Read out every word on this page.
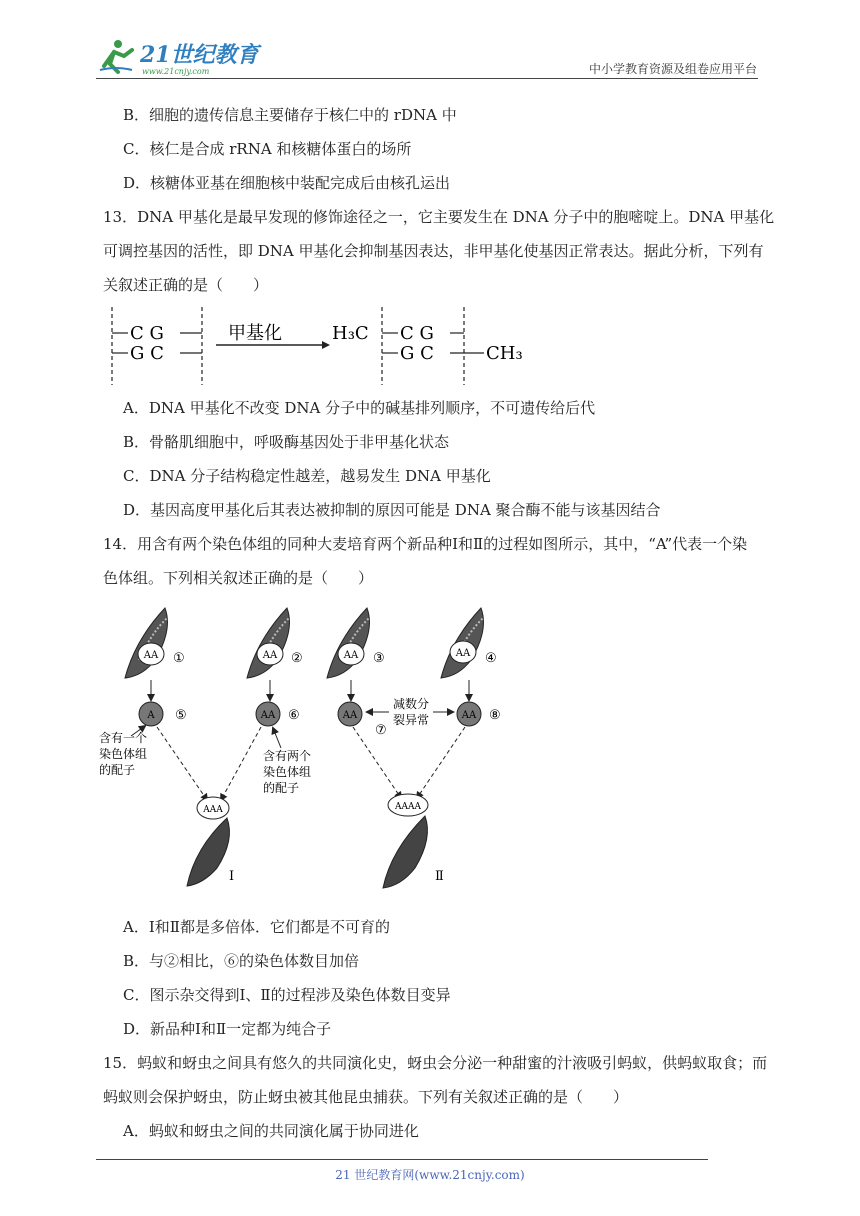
21世纪教育
www.21cnjy.com	中小学教育资源及组卷应用平台
B．细胞的遗传信息主要储存于核仁中的 rDNA 中
C．核仁是合成 rRNA 和核糖体蛋白的场所
D．核糖体亚基在细胞核中装配完成后由核孔运出
13．DNA 甲基化是最早发现的修饰途径之一，它主要发生在 DNA 分子中的胞嘧啶上。DNA 甲基化
可调控基因的活性，即 DNA 甲基化会抑制基因表达，非甲基化使基因正常表达。据此分析，下列有
关叙述正确的是（　　）
C G
G C
甲基化	H₃C C G
G C	CH₃
A．DNA 甲基化不改变 DNA 分子中的碱基排列顺序，不可遗传给后代
B．骨骼肌细胞中，呼吸酶基因处于非甲基化状态
C．DNA 分子结构稳定性越差，越易发生 DNA 甲基化
D．基因高度甲基化后其表达被抑制的原因可能是 DNA 聚合酶不能与该基因结合
14．用含有两个染色体组的同种大麦培育两个新品种Ⅰ和Ⅱ的过程如图所示，其中，“A”代表一个染
色体组。下列相关叙述正确的是（　　）
AA ①	AA ②	AA ③	AA ④
A ⑤	AA ⑥	AA
⑦
AA ⑧
减数分
裂异常
含有一个
染色体组
的配子
含有两个
染色体组
的配子
AAA
Ⅰ
AAAA
Ⅱ
A．Ⅰ和Ⅱ都是多倍体．它们都是不可育的
B．与②相比，⑥的染色体数目加倍
C．图示杂交得到Ⅰ、Ⅱ的过程涉及染色体数目变异
D．新品种Ⅰ和Ⅱ一定都为纯合子
15．蚂蚁和蚜虫之间具有悠久的共同演化史，蚜虫会分泌一种甜蜜的汁液吸引蚂蚁，供蚂蚁取食；而
蚂蚁则会保护蚜虫，防止蚜虫被其他昆虫捕获。下列有关叙述正确的是（　　）
A．蚂蚁和蚜虫之间的共同演化属于协同进化
21 世纪教育网(www.21cnjy.com)
